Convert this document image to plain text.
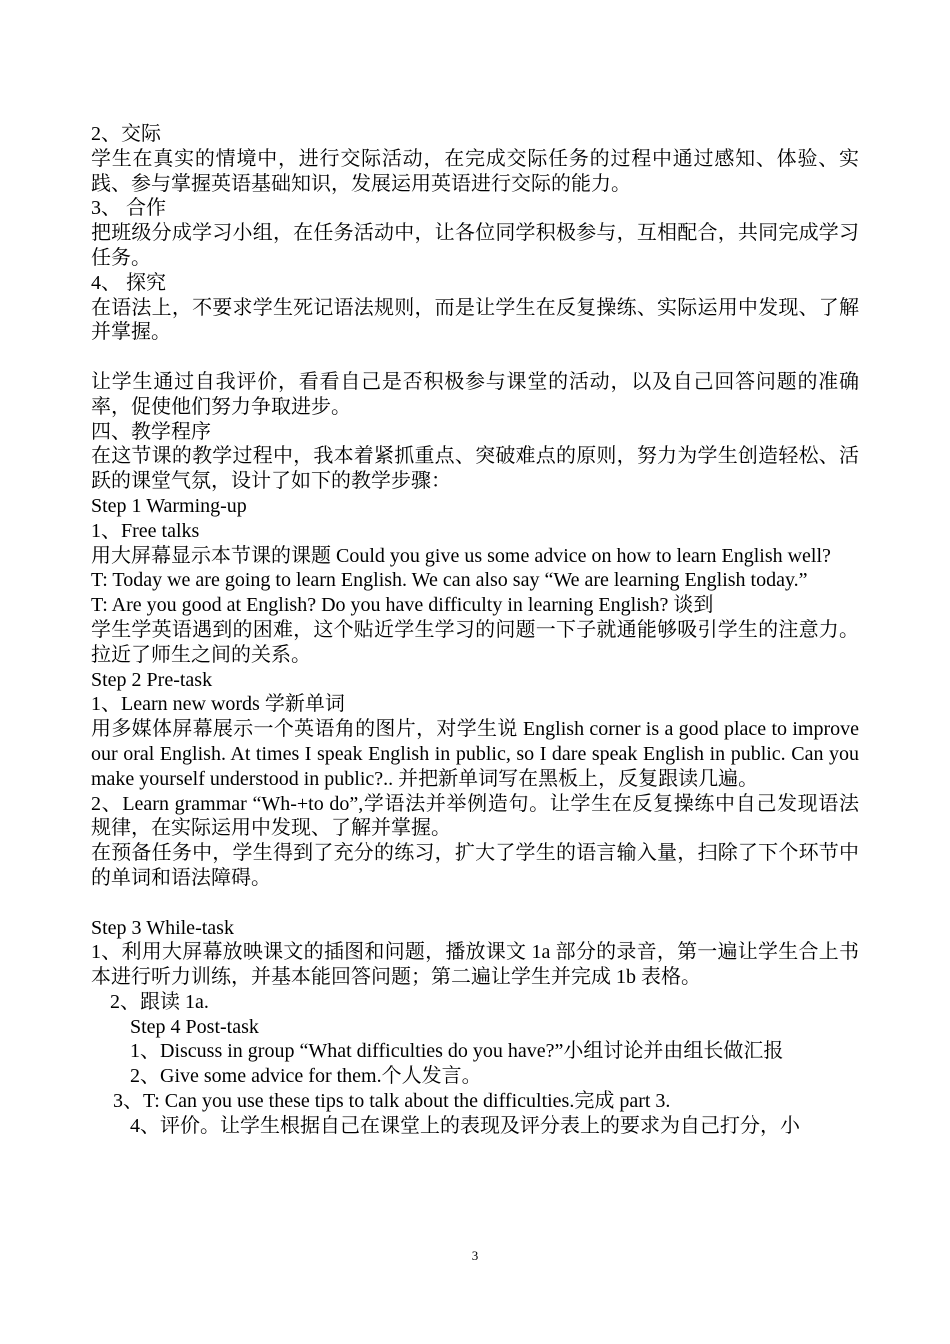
2、交际

学生在真实的情境中，进行交际活动，在完成交际任务的过程中通过感知、体验、实践、参与掌握英语基础知识，发展运用英语进行交际的能力。

3、 合作

把班级分成学习小组，在任务活动中，让各位同学积极参与，互相配合，共同完成学习任务。

4、 探究

在语法上，不要求学生死记语法规则，而是让学生在反复操练、实际运用中发现、了解并掌握。

让学生通过自我评价，看看自己是否积极参与课堂的活动，以及自己回答问题的准确率，促使他们努力争取进步。

四、教学程序

在这节课的教学过程中，我本着紧抓重点、突破难点的原则，努力为学生创造轻松、活跃的课堂气氛，设计了如下的教学步骤：

Step 1 Warming-up

1、Free talks

用大屏幕显示本节课的课题 Could you give us some advice on how to learn English well?

T: Today we are going to learn English. We can also say “We are learning English today.”

T: Are you good at English? Do you have difficulty in learning English? 谈到

学生学英语遇到的困难，这个贴近学生学习的问题一下子就通能够吸引学生的注意力。拉近了师生之间的关系。

Step 2 Pre-task

1、Learn new words 学新单词

用多媒体屏幕展示一个英语角的图片，对学生说 English corner is a good place to improve our oral English. At times I speak English in public, so I dare speak English in public. Can you make yourself understood in public?.. 并把新单词写在黑板上，反复跟读几遍。

2、Learn grammar “Wh-+to do”,学语法并举例造句。让学生在反复操练中自己发现语法规律，在实际运用中发现、了解并掌握。

在预备任务中，学生得到了充分的练习，扩大了学生的语言输入量，扫除了下个环节中的单词和语法障碍。

Step 3 While-task

1、利用大屏幕放映课文的插图和问题，播放课文 1a 部分的录音，第一遍让学生合上书本进行听力训练，并基本能回答问题；第二遍让学生并完成 1b 表格。

2、跟读 1a.

Step 4 Post-task

1、Discuss in group “What difficulties do you have?”小组讨论并由组长做汇报

2、Give some advice for them.个人发言。

3、T: Can you use these tips to talk about the difficulties.完成 part 3.

4、评价。让学生根据自己在课堂上的表现及评分表上的要求为自己打分，小

3
